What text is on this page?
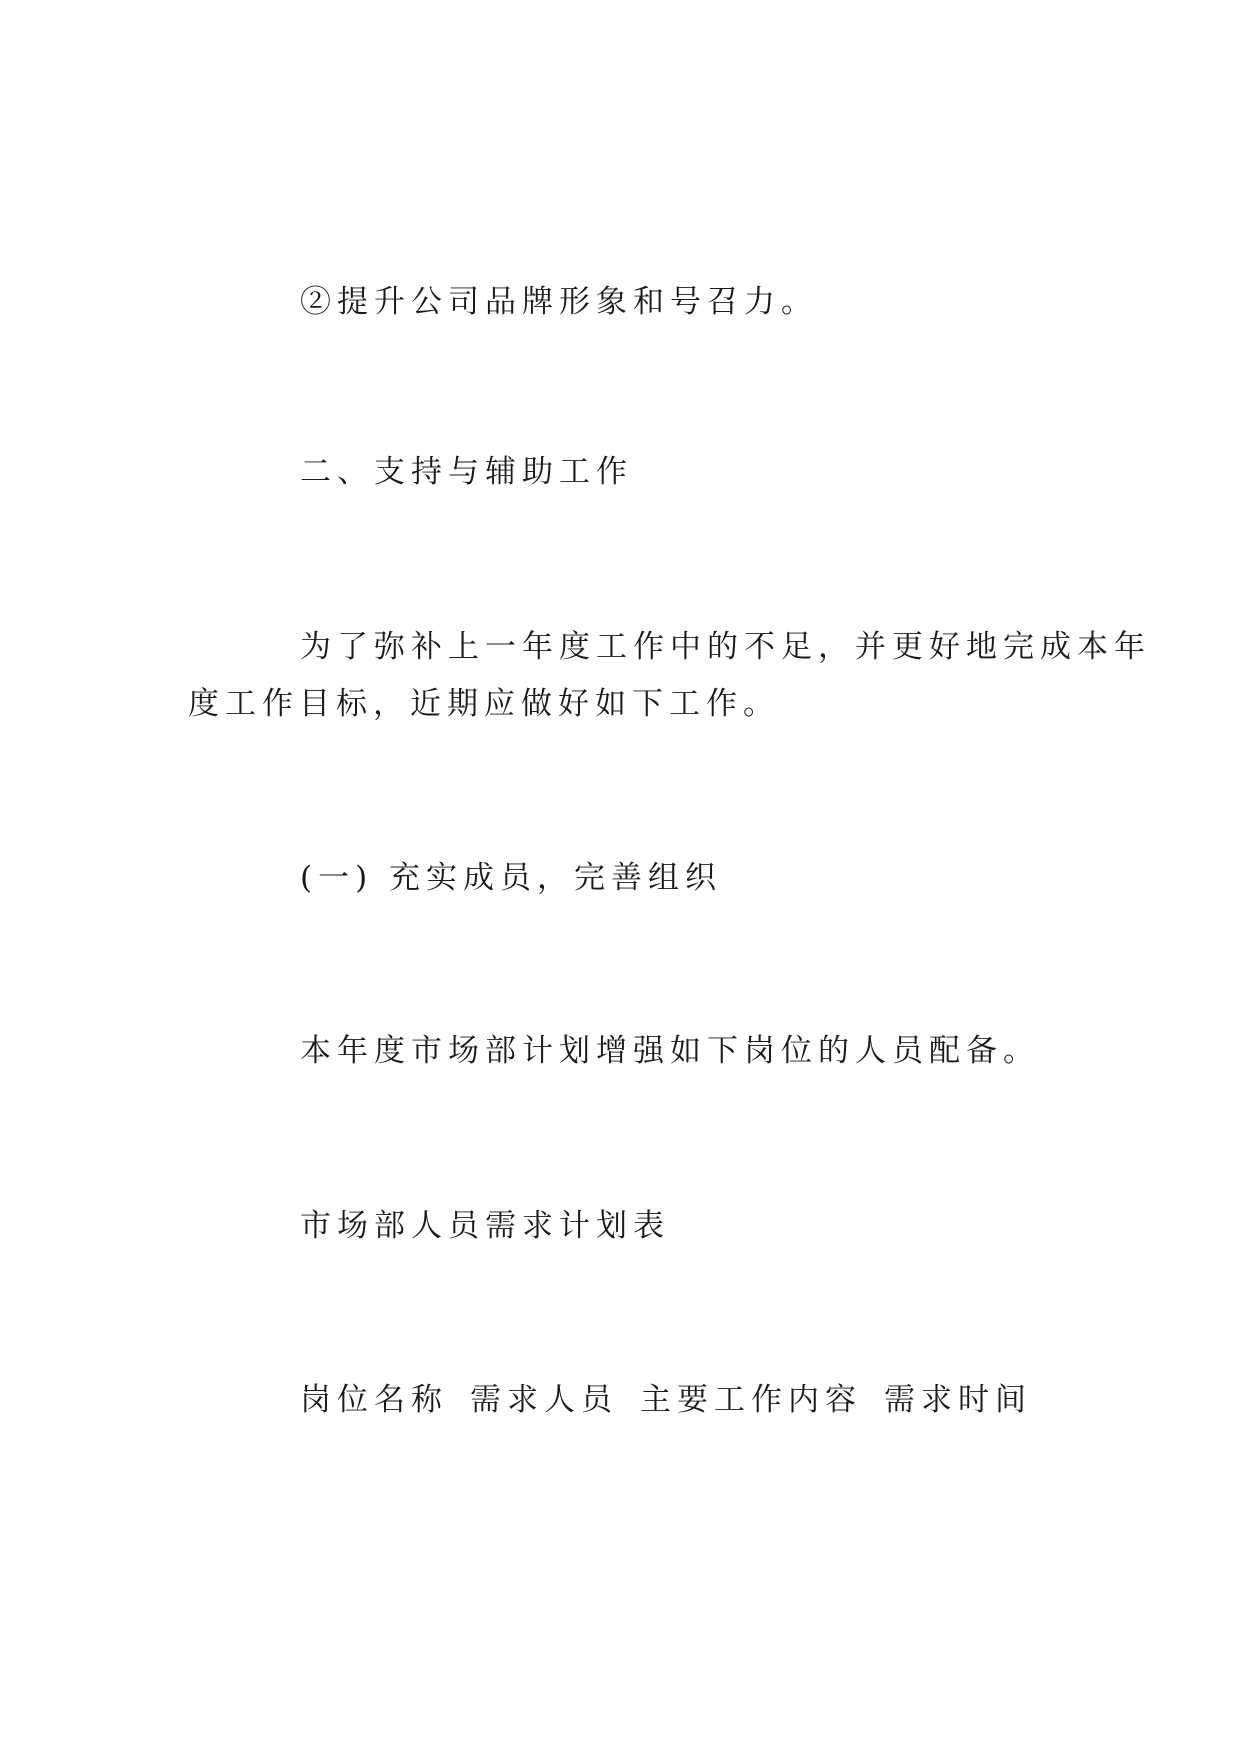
②提升公司品牌形象和号召力。
二、支持与辅助工作
为了弥补上一年度工作中的不足，并更好地完成本年
度工作目标，近期应做好如下工作。
(一) 充实成员，完善组织
本年度市场部计划增强如下岗位的人员配备。
市场部人员需求计划表
岗位名称 需求人员 主要工作内容 需求时间
